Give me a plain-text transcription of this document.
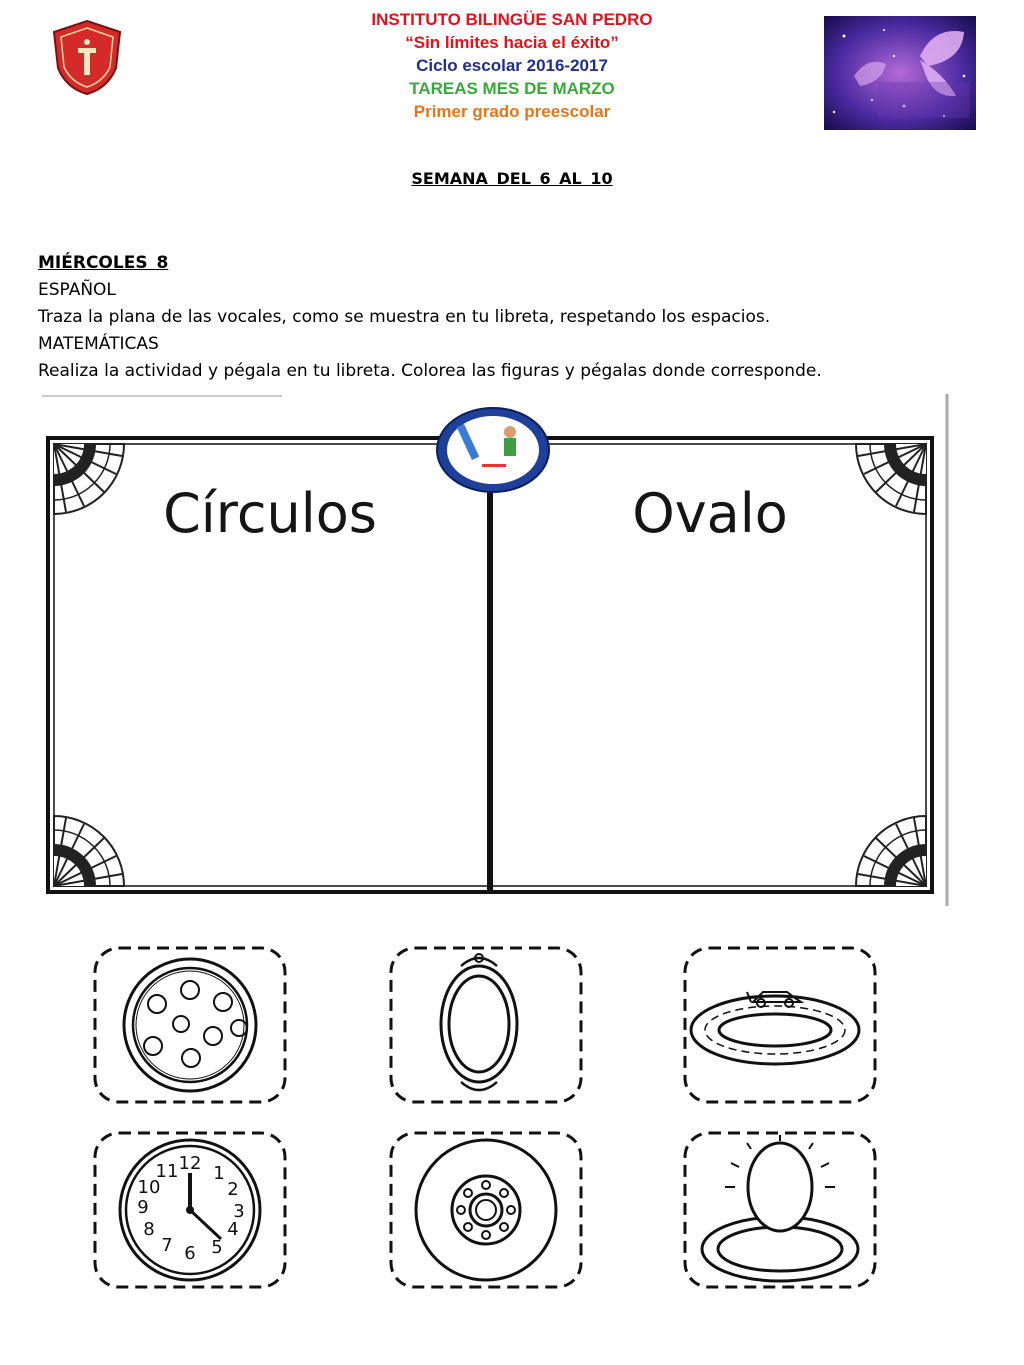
INSTITUTO BILINGÜE SAN PEDRO
“Sin límites hacia el éxito”
Ciclo escolar 2016-2017
TAREAS MES DE MARZO
Primer grado preescolar
SEMANA DEL 6 AL 10
MIÉRCOLES 8
ESPAÑOL
Traza la plana de las vocales, como se muestra en tu libreta, respetando los espacios.
MATEMÁTICAS
Realiza la actividad y pégala en tu libreta. Colorea las figuras y pégalas donde corresponde.
Círculos	Ovalo
12 1
2
3
4
5
6
7
8
9
10
11
